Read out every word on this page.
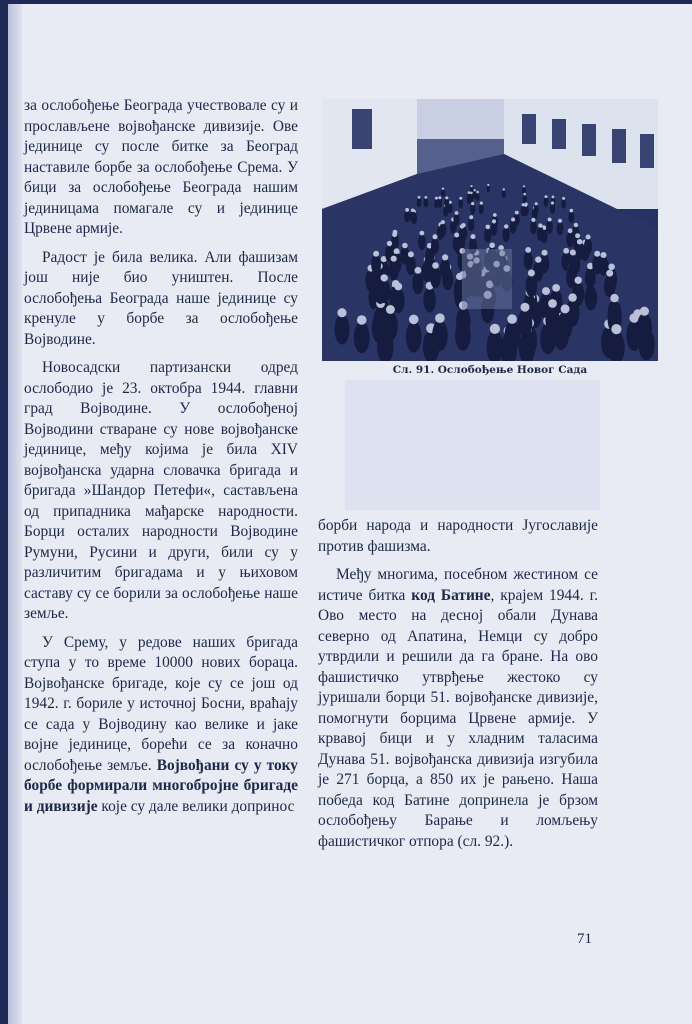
за ослобођење Београда учествовале су и прослављене војвођанске дивизије. Ове јединице су после битке за Београд наставиле борбе за ослобођење Срема. У бици за ослобођење Београда нашим јединицама помагале су и јединице Црвене армије.

Радост је била велика. Али фашизам још није био уништен. После ослобођења Београда наше јединице су кренуле у борбе за ослобођење Војводине.

Новосадски партизански одред ослободио је 23. октобра 1944. главни град Војводине. У ослобођеној Војводини стваране су нове војвођанске јединице, међу којима је била XIV војвођанска ударна словачка бригада и бригада »Шандор Петефи«, састављена од припадника мађарске народности. Борци осталих народности Војводине Румуни, Русини и други, били су у различитим бригадама и у њиховом саставу су се борили за ослобођење наше земље.

У Срему, у редове наших бригада ступа у то време 10000 нових бораца. Војвођанске бригаде, које су се још од 1942. г. бориле у источној Босни, враћају се сада у Војводину као велике и јаке војне јединице, борећи се за коначно ослобођење земље. Војвођани су у току борбе формирали многобројне бригаде и дивизије које су дале велики допринос

Сл. 91. Ослобођење Новог Сада

борби народа и народности Југославије против фашизма.

Међу многима, посебном жестином се истиче битка код Батине, крајем 1944. г. Ово место на десној обали Дунава северно од Апатина, Немци су добро утврдили и решили да га бране. На ово фашистичко утврђење жестоко су јуришали борци 51. војвођанске дивизије, помогнути борцима Црвене армије. У крвавој бици и у хладним таласима Дунава 51. војвођанска дивизија изгубила је 271 борца, а 850 их је рањено. Наша победа код Батине допринела је брзом ослобођењу Барање и ломљењу фашистичког отпора (сл. 92.).

71
